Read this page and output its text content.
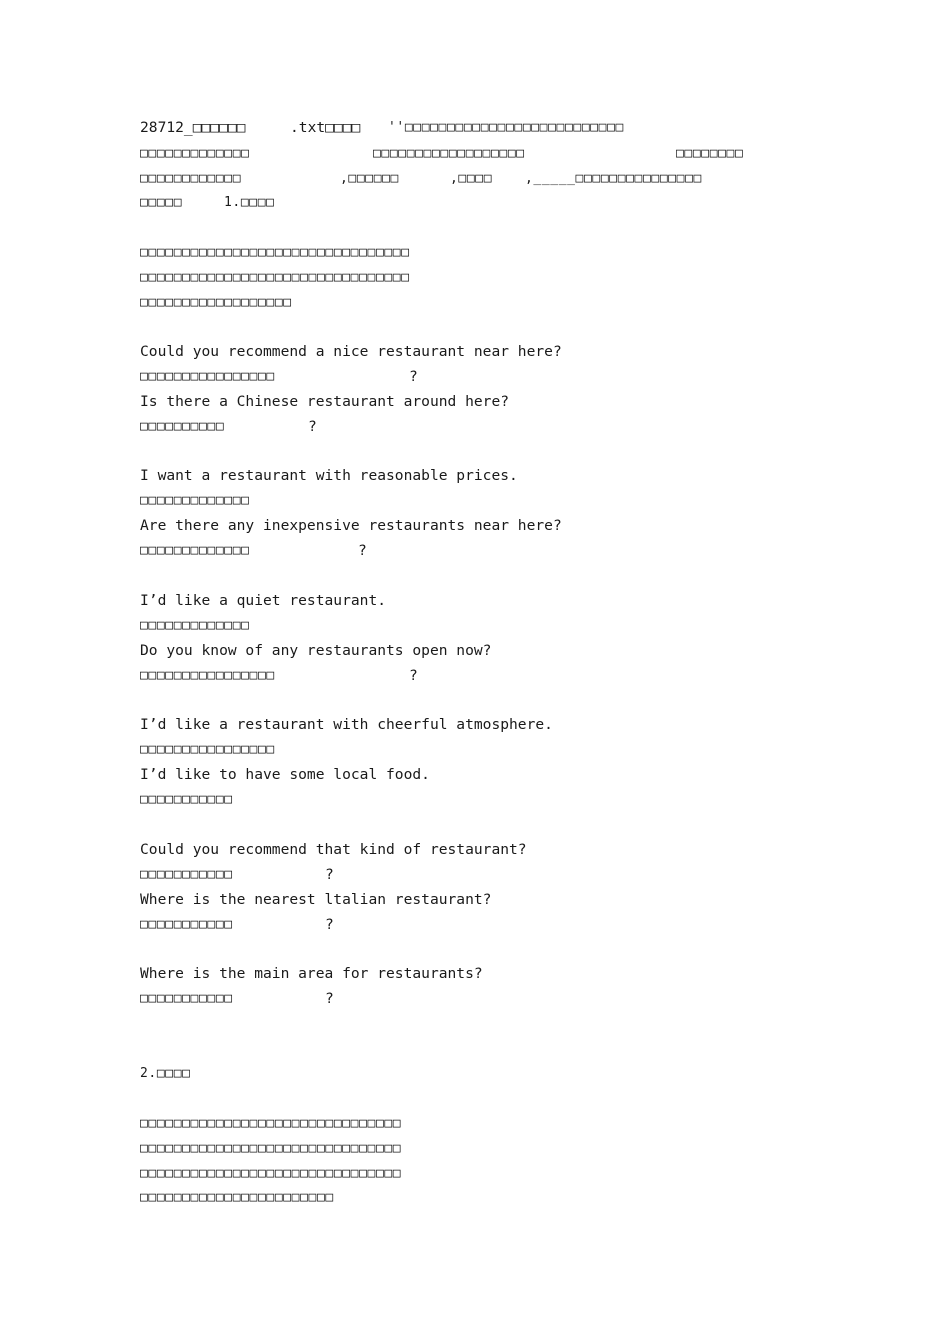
28712_□□□□□□	.txt□□□□ ''□□□□□□□□□□□□□□□□□□□□□□□□□□
□□□□□□□□□□□□□	□□□□□□□□□□□□□□□□□□	□□□□□□□□
□□□□□□□□□□□□	,□□□□□□	,□□□□	,_____□□□□□□□□□□□□□□□
□□□□□	1.□□□□
□□□□□□□□□□□□□□□□□□□□□□□□□□□□□□□□
□□□□□□□□□□□□□□□□□□□□□□□□□□□□□□□□
□□□□□□□□□□□□□□□□□□
Could you recommend a nice restaurant near here?
□□□□□□□□□□□□□□□□	?
Is there a Chinese restaurant around here?
□□□□□□□□□□	?
I want a restaurant with reasonable prices.
□□□□□□□□□□□□□
Are there any inexpensive restaurants near here?
□□□□□□□□□□□□□	?
I’d like a quiet restaurant.
□□□□□□□□□□□□□
Do you know of any restaurants open now?
□□□□□□□□□□□□□□□□	?
I’d like a restaurant with cheerful atmosphere.
□□□□□□□□□□□□□□□□
I’d like to have some local food.
□□□□□□□□□□□
Could you recommend that kind of restaurant?
□□□□□□□□□□□	?
Where is the nearest ltalian restaurant?
□□□□□□□□□□□	?
Where is the main area for restaurants?
□□□□□□□□□□□	?
2.□□□□
□□□□□□□□□□□□□□□□□□□□□□□□□□□□□□□
□□□□□□□□□□□□□□□□□□□□□□□□□□□□□□□
□□□□□□□□□□□□□□□□□□□□□□□□□□□□□□□
□□□□□□□□□□□□□□□□□□□□□□□
